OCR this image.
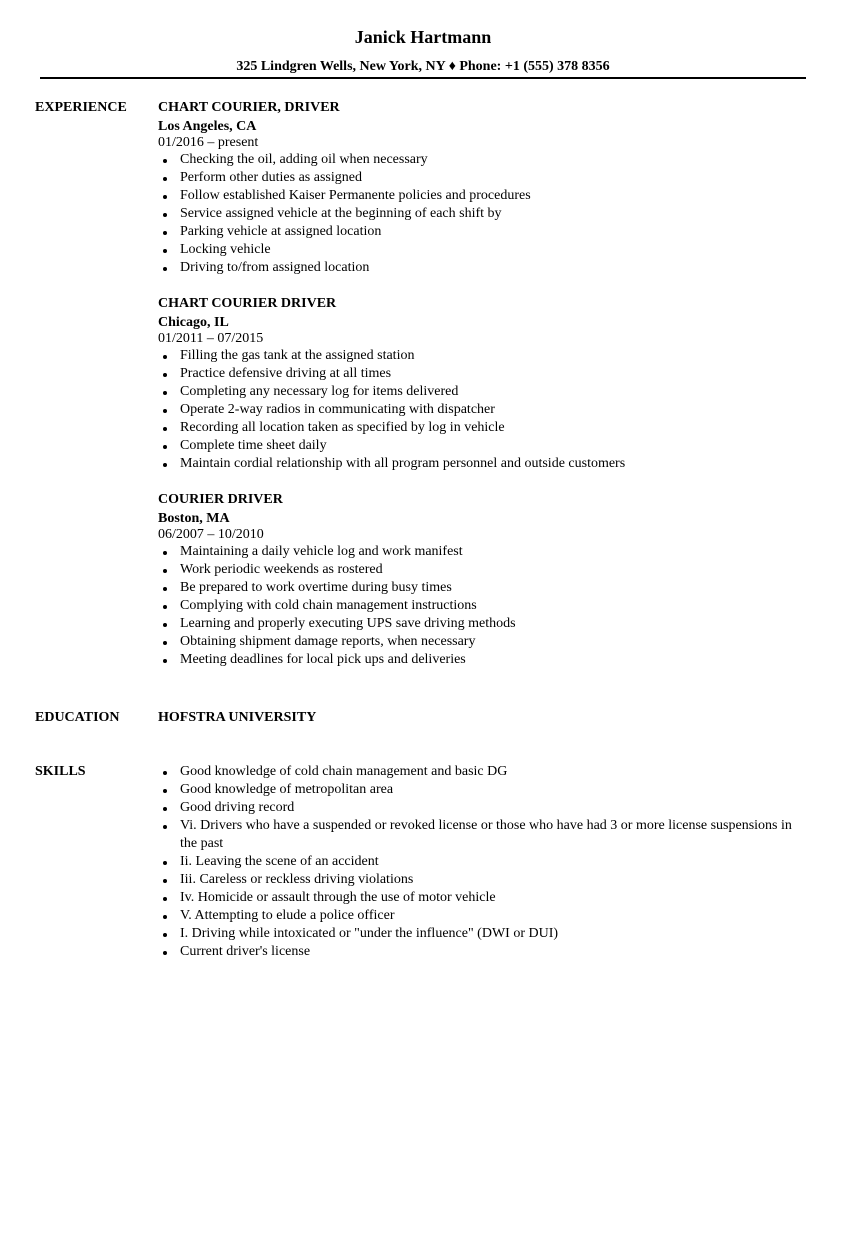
Janick Hartmann
325 Lindgren Wells, New York, NY ♦ Phone: +1 (555) 378 8356
EXPERIENCE CHART COURIER, DRIVER
Los Angeles, CA
01/2016 – present
Checking the oil, adding oil when necessary
Perform other duties as assigned
Follow established Kaiser Permanente policies and procedures
Service assigned vehicle at the beginning of each shift by
Parking vehicle at assigned location
Locking vehicle
Driving to/from assigned location
CHART COURIER DRIVER
Chicago, IL
01/2011 – 07/2015
Filling the gas tank at the assigned station
Practice defensive driving at all times
Completing any necessary log for items delivered
Operate 2-way radios in communicating with dispatcher
Recording all location taken as specified by log in vehicle
Complete time sheet daily
Maintain cordial relationship with all program personnel and outside customers
COURIER DRIVER
Boston, MA
06/2007 – 10/2010
Maintaining a daily vehicle log and work manifest
Work periodic weekends as rostered
Be prepared to work overtime during busy times
Complying with cold chain management instructions
Learning and properly executing UPS save driving methods
Obtaining shipment damage reports, when necessary
Meeting deadlines for local pick ups and deliveries
EDUCATION	HOFSTRA UNIVERSITY
SKILLS	Good knowledge of cold chain management and basic DG
Good knowledge of metropolitan area
Good driving record
Vi. Drivers who have a suspended or revoked license or those who have had 3 or more license suspensions in the past
Ii. Leaving the scene of an accident
Iii. Careless or reckless driving violations
Iv. Homicide or assault through the use of motor vehicle
V. Attempting to elude a police officer
I. Driving while intoxicated or "under the influence" (DWI or DUI)
Current driver's license
